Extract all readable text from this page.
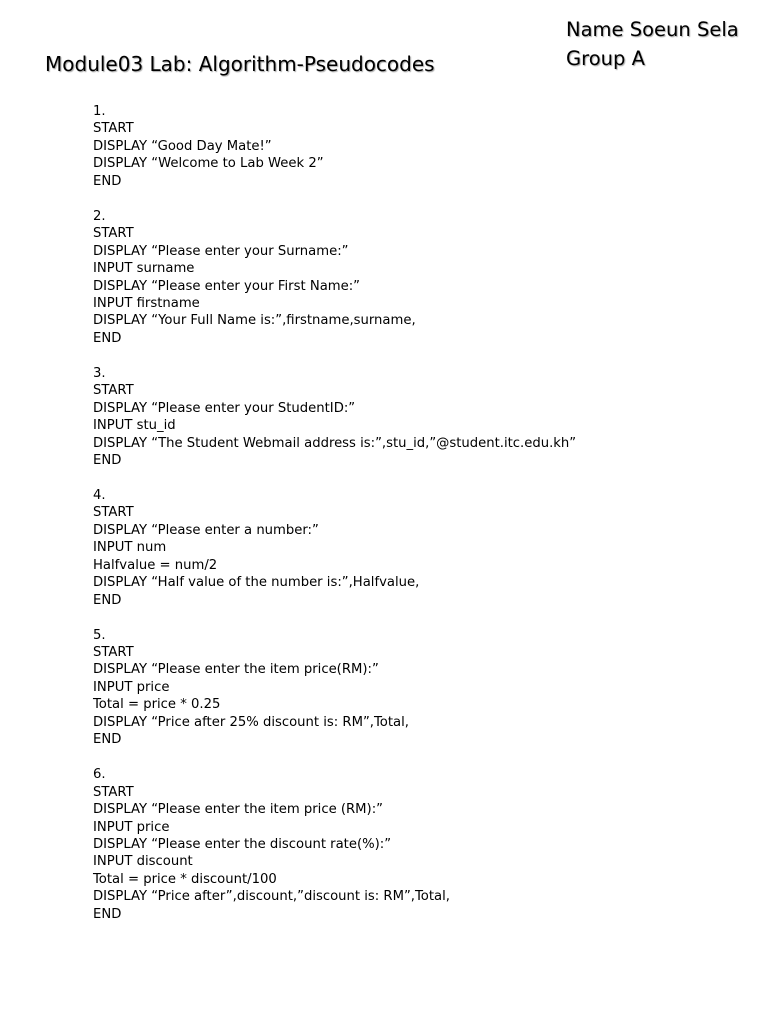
Module03 Lab: Algorithm-Pseudocodes
Name Soeun Sela
Group A
1.
START
DISPLAY “Good Day Mate!”
DISPLAY “Welcome to Lab Week 2”
END
2.
START
DISPLAY “Please enter your Surname:”
INPUT surname
DISPLAY “Please enter your First Name:”
INPUT firstname
DISPLAY “Your Full Name is:”,firstname,surname,
END
3.
START
DISPLAY “Please enter your StudentID:”
INPUT stu_id
DISPLAY “The Student Webmail address is:”,stu_id,”@student.itc.edu.kh”
END
4.
START
DISPLAY “Please enter a number:”
INPUT num
Halfvalue = num/2
DISPLAY “Half value of the number is:”,Halfvalue,
END
5.
START
DISPLAY “Please enter the item price(RM):”
INPUT price
Total = price * 0.25
DISPLAY “Price after 25% discount is: RM”,Total,
END
6.
START
DISPLAY “Please enter the item price (RM):”
INPUT price
DISPLAY “Please enter the discount rate(%):”
INPUT discount
Total = price * discount/100
DISPLAY “Price after”,discount,”discount is: RM”,Total,
END
